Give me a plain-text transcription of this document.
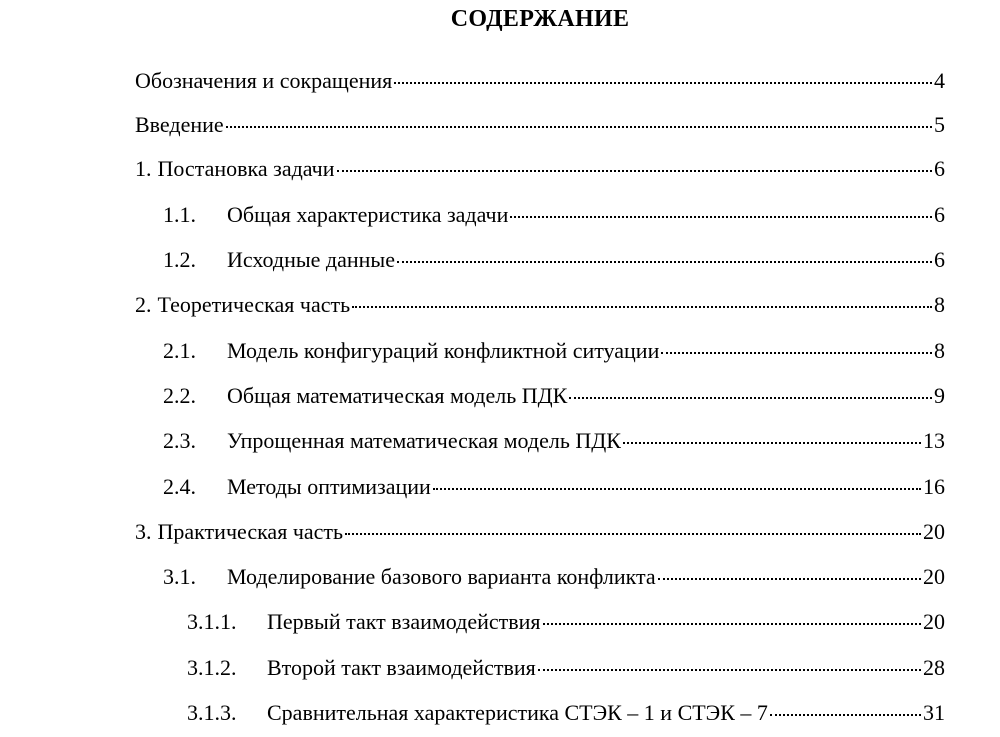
СОДЕРЖАНИЕ
Обозначения и сокращения	4
Введение	5
1. Постановка задачи	6
1.1.	Общая характеристика задачи	6
1.2.	Исходные данные	6
2. Теоретическая часть	8
2.1.	Модель конфигураций конфликтной ситуации	8
2.2.	Общая математическая модель ПДК	9
2.3.	Упрощенная математическая модель ПДК	13
2.4.	Методы оптимизации	16
3. Практическая часть	20
3.1.	Моделирование базового варианта конфликта	20
3.1.1.	Первый такт взаимодействия	20
3.1.2.	Второй такт взаимодействия	28
3.1.3.	Сравнительная характеристика СТЭК – 1 и СТЭК – 7	31
